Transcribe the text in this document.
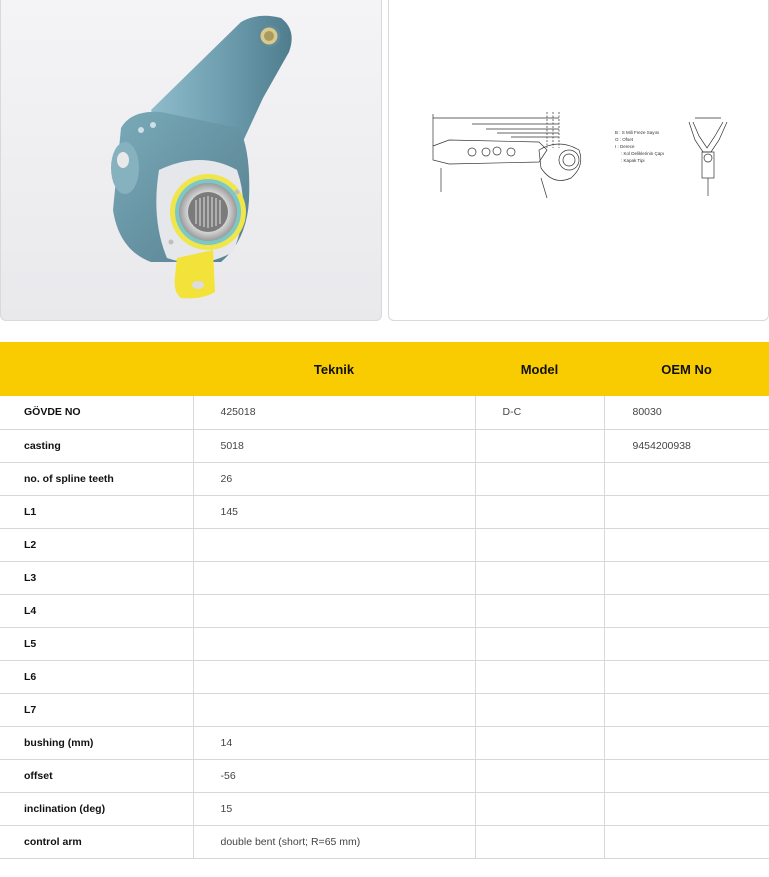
B : S Mili Freze Sayısı
O : Ofset
I : Derece
: Kol Deliklerinin Çapı
: Kapak Tipi
	Teknik	Model	OEM No
GÖVDE NO	425018	D-C	80030
casting	5018		9454200938
no. of spline teeth	26		
L1	145		
L2			
L3			
L4			
L5			
L6			
L7			
bushing (mm)	14		
offset	-56		
inclination (deg)	15		
control arm	double bent (short; R=65 mm)		
